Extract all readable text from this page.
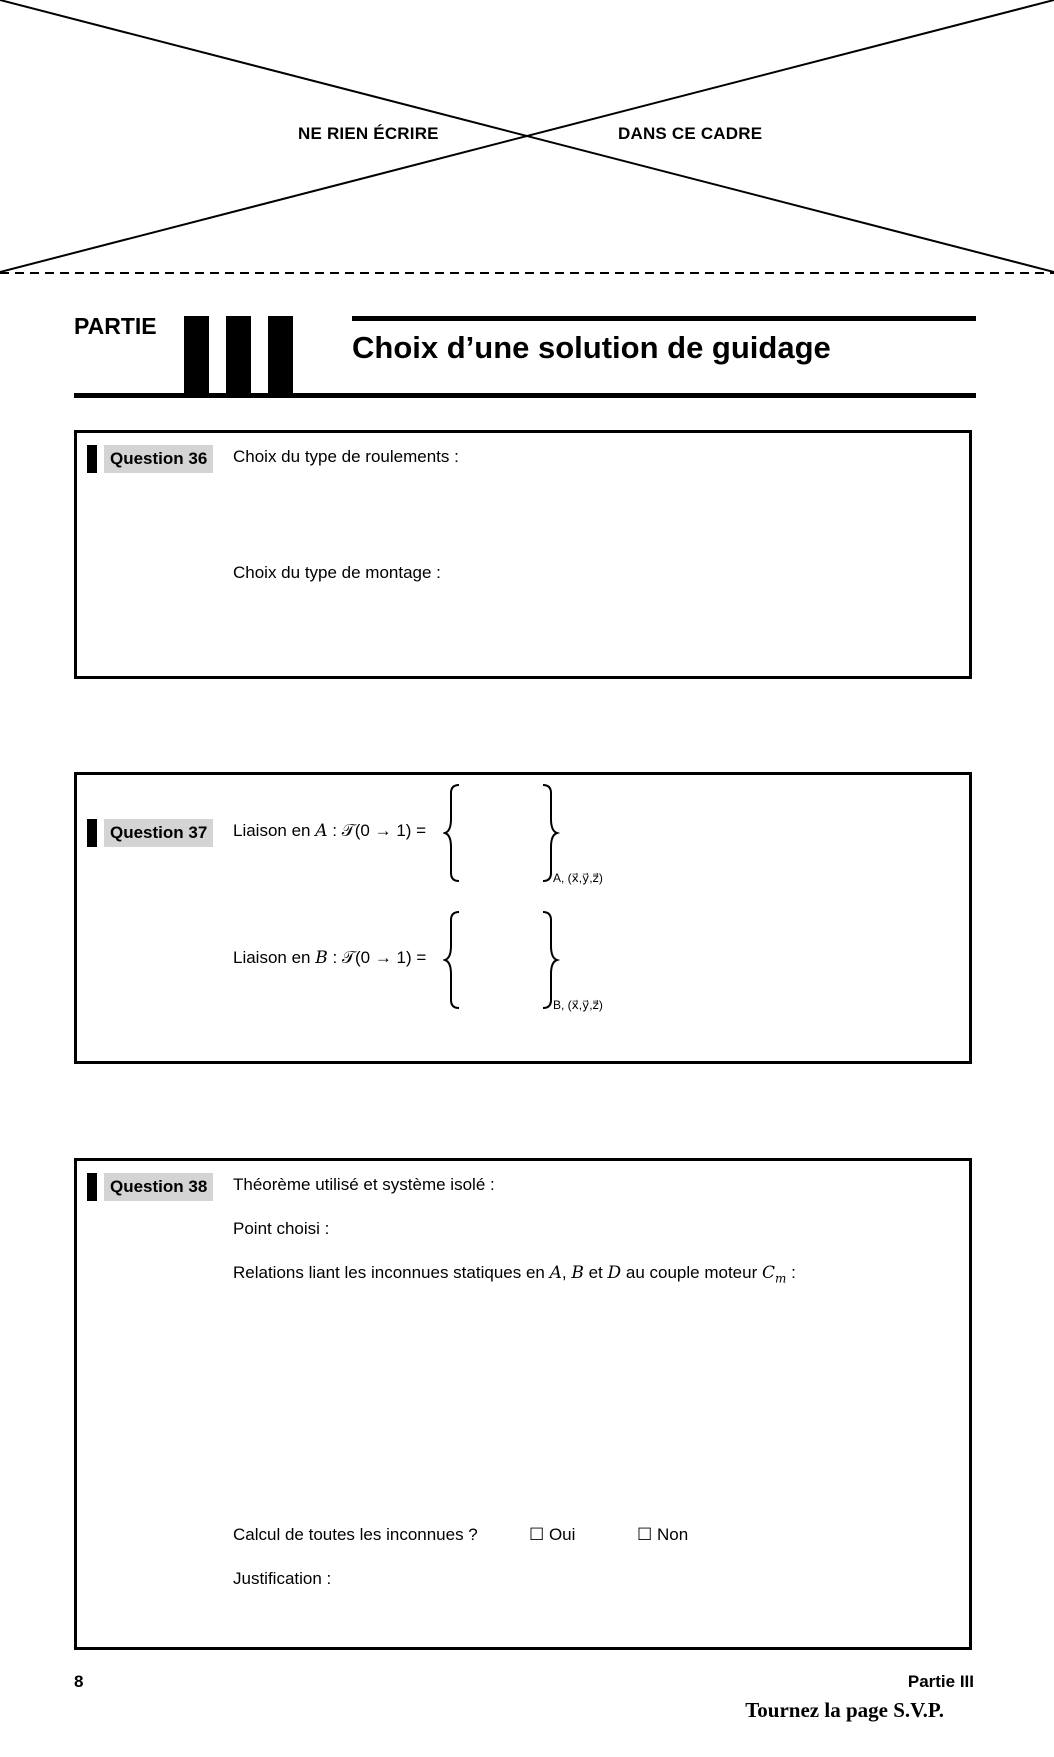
NE RIEN ÉCRIRE	DANS CE CADRE
PARTIE
Choix d’une solution de guidage
Question 36	Choix du type de roulements :
Choix du type de montage :
Question 37	Liaison en A : 𝒯(0 → 1) =
A, (x⃗,y⃗,z⃗)
Liaison en B : 𝒯(0 → 1) =
B, (x⃗,y⃗,z⃗)
Question 38	Théorème utilisé et système isolé :
Point choisi :
Relations liant les inconnues statiques en A, B et D au couple moteur $C_m$ :
Calcul de toutes les inconnues ?	☐ Oui	☐ Non
Justification :
8	Partie III
Tournez la page S.V.P.
